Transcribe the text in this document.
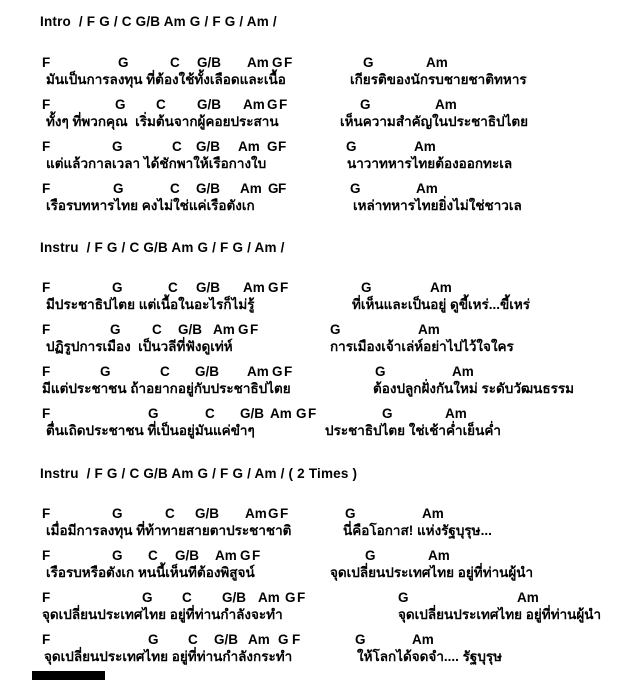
Intro  / F G / C G/B Am G / F G / Am /
Instru  / F G / C G/B Am G / F G / Am /
Instru  / F G / C G/B Am G / F G / Am / ( 2 Times )
F	G	C G/B Am G F	G	Am
มันเป็นการลงทุน ที่ต้องใช้ทั้งเลือดและเนื้อ	เกียรติของนักรบชายชาติทหาร
F	G C G/B Am G F	G	Am
ทั้งๆ ที่พวกคุณ  เริ่มต้นจากผู้คอยประสาน	เห็นความสำคัญในประชาธิปไตย
F	G	C G/B Am G F	G	Am
แต่แล้วกาลเวลา ได้ชักพาให้เรือกางใบ	นาวาทหารไทยต้องออกทะเล
F	G	C G/B Am G F	G	Am
เรือรบทหารไทย คงไม่ใช่แค่เรือตังเก	เหล่าทหารไทยยิ่งไม่ใช่ชาวเล
F	G	C G/B Am G F	G	Am
มีประชาธิปไตย แต่เนื้อในอะไรก็ไม่รู้	ที่เห็นและเป็นอยู่ ดูขี้เหร่...ขี้เหร่
F	G C G/B Am G F	G	Am
ปฏิรูปการเมือง  เป็นวลีที่ฟังดูเท่ห์	การเมืองเจ้าเล่ห์อย่าไปไว้ใจใคร
F	G	C G/B Am G F	G	Am
มีแต่ประชาชน ถ้าอยากอยู่กับประชาธิปไตย	ต้องปลูกฝั่งกันใหม่ ระดับวัฒนธรรม
F	G	C G/B Am G F	G	Am
ตื่นเถิดประชาชน ที่เป็นอยู่มันแค่ขำๆ	ประชาธิปไตย ใช่เช้าค่ำเย็นค่ำ
F	G	C G/B Am G F	G	Am
เมื่อมีการลงทุน ที่ท้าทายสายตาประชาชาติ	นี่คือโอกาส! แห่งรัฐบุรุษ...
F	G C G/B Am G F	G	Am
เรือรบหรือตังเก หนนี้เห็นทีต้องพิสูจน์	จุดเปลี่ยนประเทศไทย อยู่ที่ท่านผู้นำ
F	G C G/B Am G F	G	Am
จุดเปลี่ยนประเทศไทย อยู่ที่ท่านกำลังจะทำ	จุดเปลี่ยนประเทศไทย อยู่ที่ท่านผู้นำ
F	G C G/B Am G F	G	Am
จุดเปลี่ยนประเทศไทย อยู่ที่ท่านกำลังกระทำ	ให้โลกได้จดจำ.... รัฐบุรุษ
